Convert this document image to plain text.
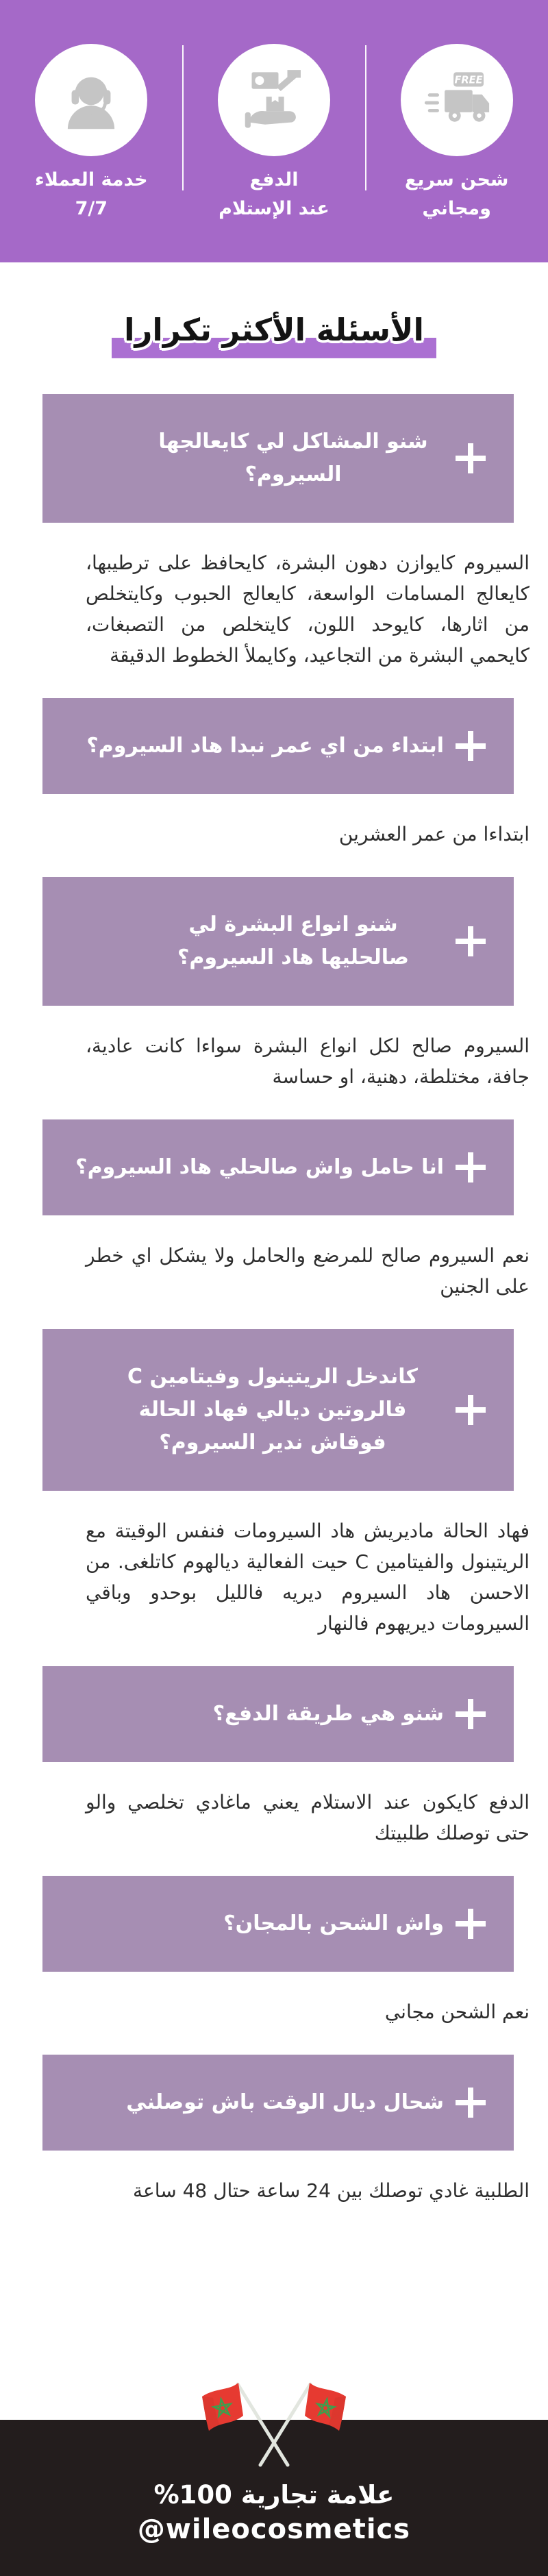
FREE
شحن سريع
ومجاني
الدفع
عند الإستلام
خدمة العملاء
7/7
الأسئلة الأكثر تكرارا
شنو المشاكل لي كايعالجها السيروم؟
السيروم كايوازن دهون البشرة، كايحافظ على ترطيبها، كايعالج المسامات الواسعة، كايعالج الحبوب وكايتخلص من اثارها، كايوحد اللون، كايتخلص من التصبغات، كايحمي البشرة من التجاعيد، وكايملأ الخطوط الدقيقة
ابتداء من اي عمر نبدا هاد السيروم؟
ابتداءا من عمر العشرين
شنو انواع البشرة لي صالحليها هاد السيروم؟
السيروم صالح لكل انواع البشرة سواءا كانت عادية، جافة، مختلطة، دهنية، او حساسة
انا حامل واش صالحلي هاد السيروم؟
نعم السيروم صالح للمرضع والحامل ولا يشكل اي خطر على الجنين
كاندخل الريتينول وفيتامين C فالروتين ديالي فهاد الحالة فوقاش ندير السيروم؟
فهاد الحالة ماديريش هاد السيرومات فنفس الوقيتة مع الريتينول والفيتامين C حيت الفعالية ديالهوم كاتلغى. من الاحسن هاد السيروم ديريه فالليل بوحدو وباقي السيرومات ديريهوم فالنهار
شنو هي طريقة الدفع؟
الدفع كايكون عند الاستلام يعني ماغادي تخلصي والو حتى توصلك طلبيتك
واش الشحن بالمجان؟
نعم الشحن مجاني
شحال ديال الوقت باش توصلني
الطلبية غادي توصلك بين 24 ساعة حتال 48 ساعة
علامة تجارية 100%
@wileocosmetics
